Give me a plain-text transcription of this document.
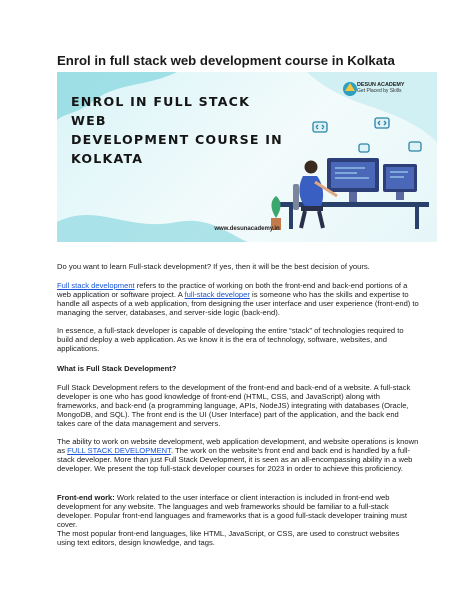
Enrol in full stack web development course in Kolkata
ENROL IN FULL STACK WEB
DEVELOPMENT COURSE IN
KOLKATA
DESUN ACADEMY
Get Placed by Skills
www.desunacademy.in
Do you want to learn Full-stack development? If yes, then it will be the best decision of yours.
Full stack development refers to the practice of working on both the front-end and back-end portions of a web application or software project. A full-stack developer is someone who has the skills and expertise to handle all aspects of a web application, from designing the user interface and user experience (front-end) to managing the server, databases, and server-side logic (back-end).
In essence, a full-stack developer is capable of developing the entire “stack” of technologies required to build and deploy a web application. As we know it is the era of technology, software, websites, and applications.
What is Full Stack Development?
Full Stack Development refers to the development of the front-end and back-end of a website. A full-stack developer is one who has good knowledge of front-end (HTML, CSS, and JavaScript) along with frameworks, and back-end (a programming language, APIs, NodeJS) integrating with databases (Oracle, MongoDB, and SQL). The front end is the UI (User Interface) part of the application, and the back end takes care of the data management and servers.
The ability to work on website development, web application development, and website operations is known as FULL STACK DEVELOPMENT. The work on the website’s front end and back end is handled by a full-stack developer. More than just Full Stack Development, it is seen as an all-encompassing ability in a web developer. We present the top full-stack developer courses for 2023 in order to achieve this proficiency.
Front-end work: Work related to the user interface or client interaction is included in front-end web development for any website. The languages and web frameworks should be familiar to a full-stack developer. Popular front-end languages and frameworks that is a good full-stack developer training must cover.
The most popular front-end languages, like HTML, JavaScript, or CSS, are used to construct websites using text editors, design knowledge, and tags.
